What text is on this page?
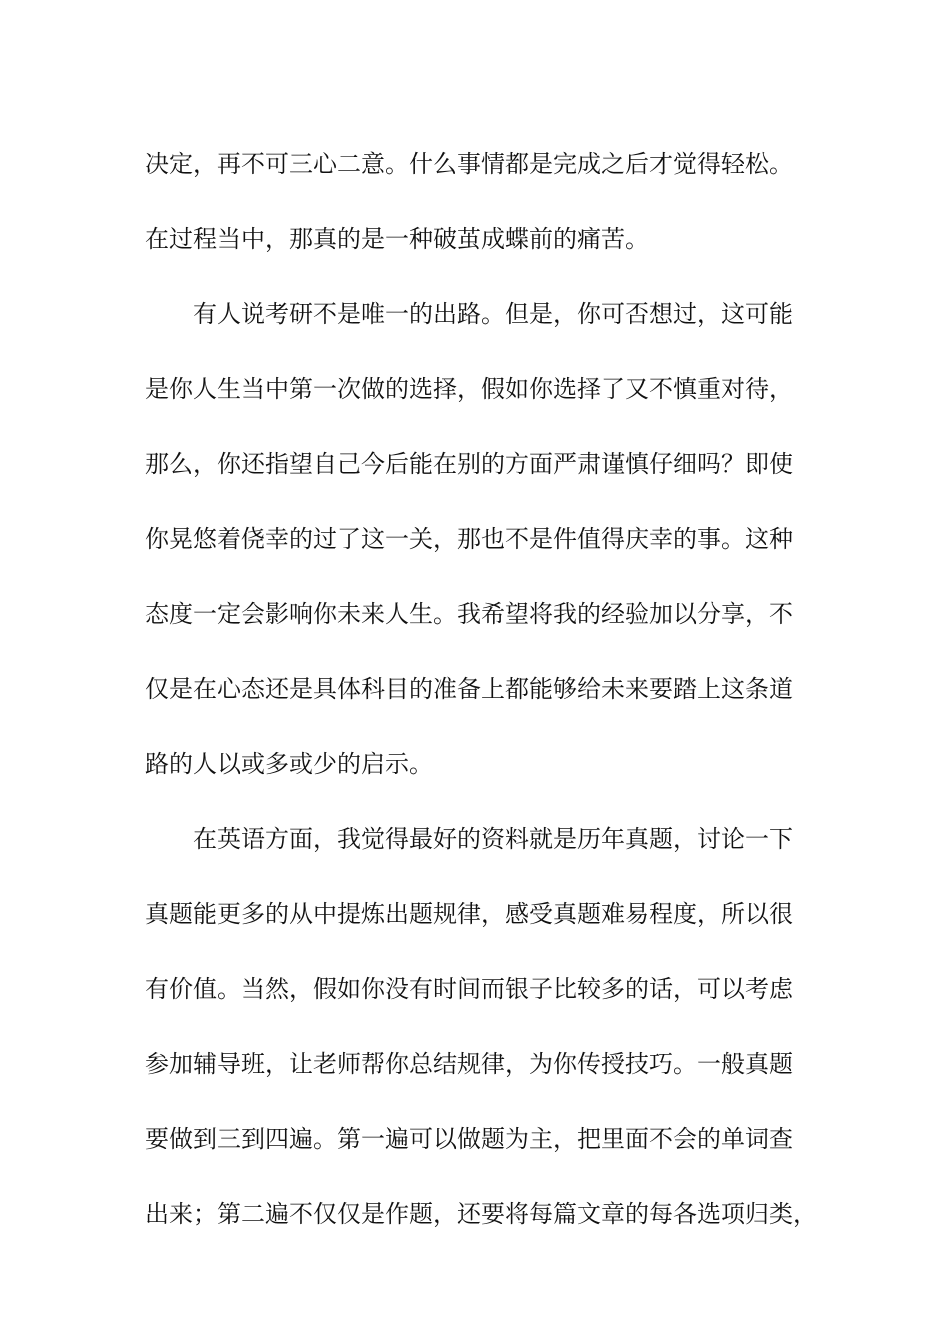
决定，再不可三心二意。什么事情都是完成之后才觉得轻松。
在过程当中，那真的是一种破茧成蝶前的痛苦。
有人说考研不是唯一的出路。但是，你可否想过，这可能
是你人生当中第一次做的选择，假如你选择了又不慎重对待，
那么，你还指望自己今后能在别的方面严肃谨慎仔细吗？即使
你晃悠着侥幸的过了这一关，那也不是件值得庆幸的事。这种
态度一定会影响你未来人生。我希望将我的经验加以分享，不
仅是在心态还是具体科目的准备上都能够给未来要踏上这条道
路的人以或多或少的启示。
在英语方面，我觉得最好的资料就是历年真题，讨论一下
真题能更多的从中提炼出题规律，感受真题难易程度，所以很
有价值。当然，假如你没有时间而银子比较多的话，可以考虑
参加辅导班，让老师帮你总结规律，为你传授技巧。一般真题
要做到三到四遍。第一遍可以做题为主，把里面不会的单词查
出来；第二遍不仅仅是作题，还要将每篇文章的每各选项归类，
